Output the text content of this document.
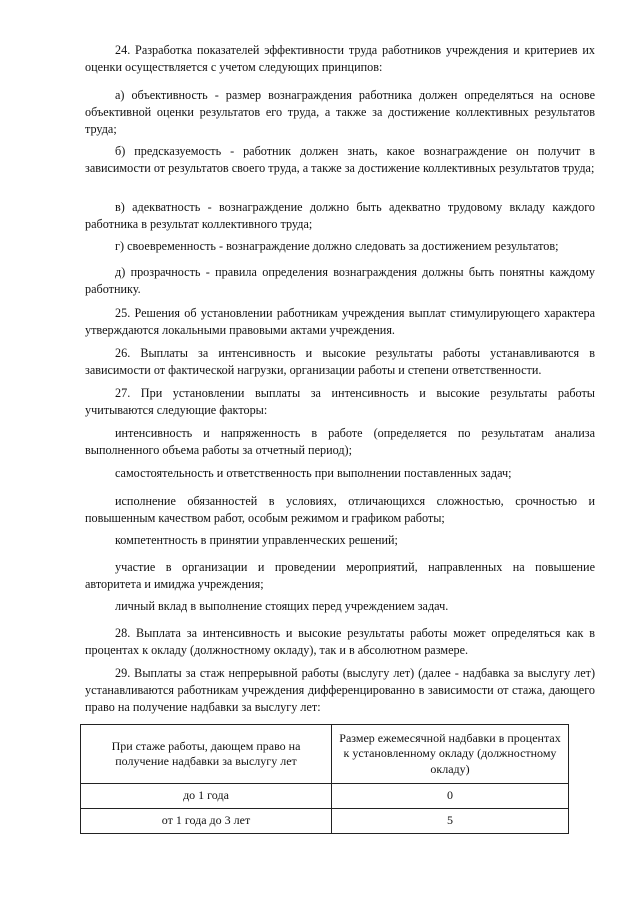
24. Разработка показателей эффективности труда работников учреждения и критериев их оценки осуществляется с учетом следующих принципов:

а) объективность - размер вознаграждения работника должен определяться на основе объективной оценки результатов его труда, а также за достижение коллективных результатов труда;

б) предсказуемость - работник должен знать, какое вознаграждение он получит в зависимости от результатов своего труда, а также за достижение коллективных результатов труда;

в) адекватность - вознаграждение должно быть адекватно трудовому вкладу каждого работника в результат коллективного труда;

г) своевременность - вознаграждение должно следовать за достижением результатов;

д) прозрачность - правила определения вознаграждения должны быть понятны каждому работнику.

25. Решения об установлении работникам учреждения выплат стимулирующего характера утверждаются локальными правовыми актами учреждения.

26. Выплаты за интенсивность и высокие результаты работы устанавливаются в зависимости от фактической нагрузки, организации работы и степени ответственности.

27. При установлении выплаты за интенсивность и высокие результаты работы учитываются следующие факторы:

интенсивность и напряженность в работе (определяется по результатам анализа выполненного объема работы за отчетный период);

самостоятельность и ответственность при выполнении поставленных задач;

исполнение обязанностей в условиях, отличающихся сложностью, срочностью и повышенным качеством работ, особым режимом и графиком работы;

компетентность в принятии управленческих решений;

участие в организации и проведении мероприятий, направленных на повышение авторитета и имиджа учреждения;

личный вклад в выполнение стоящих перед учреждением задач.

28. Выплата за интенсивность и высокие результаты работы может определяться как в процентах к окладу (должностному окладу), так и в абсолютном размере.

29. Выплаты за стаж непрерывной работы (выслугу лет) (далее - надбавка за выслугу лет) устанавливаются работникам учреждения дифференцированно в зависимости от стажа, дающего право на получение надбавки за выслугу лет:

При стаже работы, дающем право на получение надбавки за выслугу лет	Размер ежемесячной надбавки в процентах к установленному окладу (должностному окладу)
до 1 года	0
от 1 года до 3 лет	5
